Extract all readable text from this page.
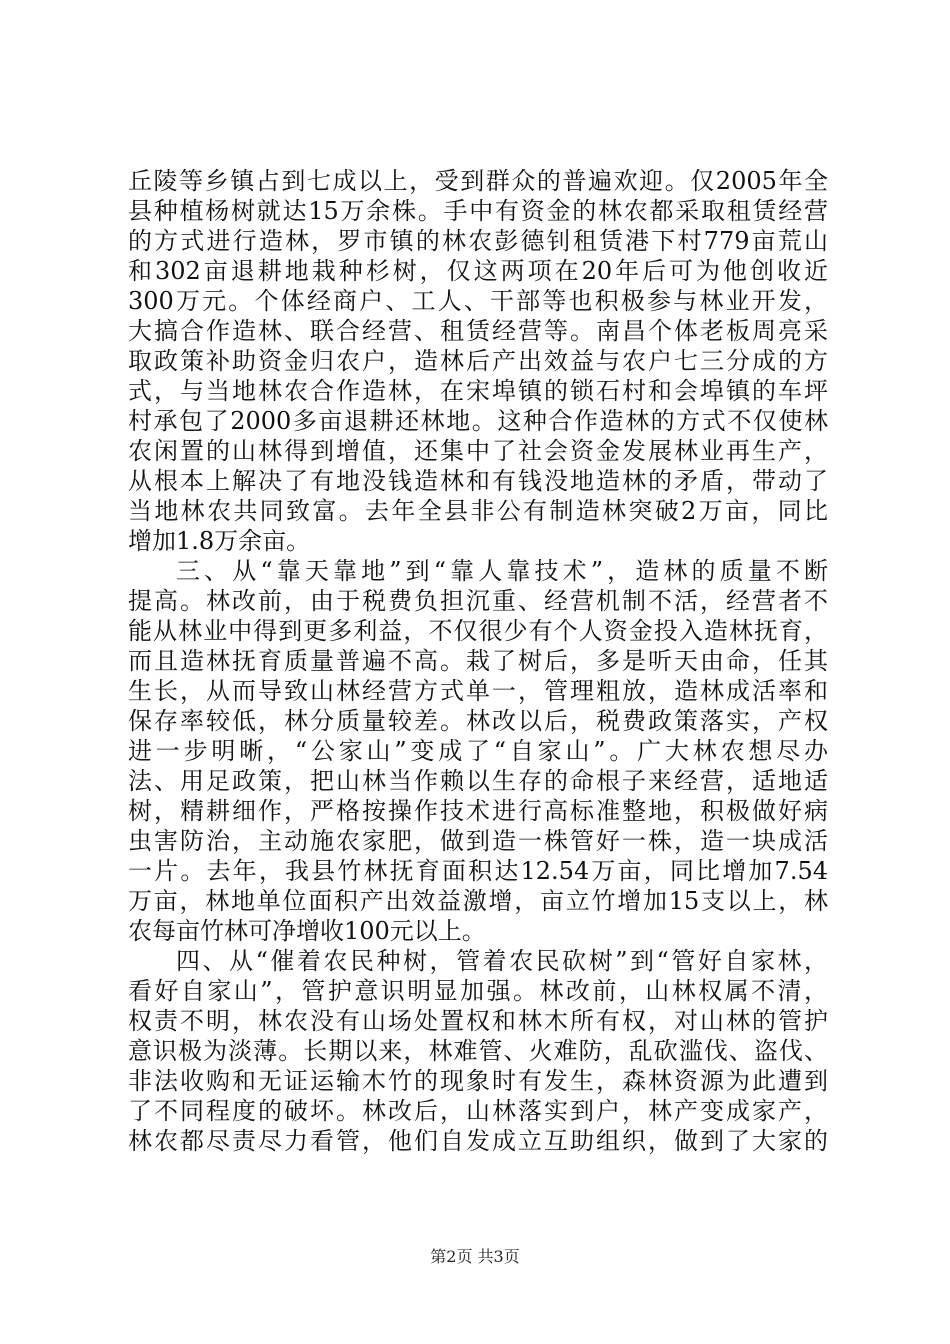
丘陵等乡镇占到七成以上，受到群众的普遍欢迎。仅2005年全
县种植杨树就达15万余株。手中有资金的林农都采取租赁经营
的方式进行造林，罗市镇的林农彭德钊租赁港下村779亩荒山
和302亩退耕地栽种杉树，仅这两项在20年后可为他创收近
300万元。个体经商户、工人、干部等也积极参与林业开发，
大搞合作造林、联合经营、租赁经营等。南昌个体老板周亮采
取政策补助资金归农户，造林后产出效益与农户七三分成的方
式，与当地林农合作造林，在宋埠镇的锁石村和会埠镇的车坪
村承包了2000多亩退耕还林地。这种合作造林的方式不仅使林
农闲置的山林得到增值，还集中了社会资金发展林业再生产，
从根本上解决了有地没钱造林和有钱没地造林的矛盾，带动了
当地林农共同致富。去年全县非公有制造林突破2万亩，同比
增加1.8万余亩。
三、从“靠天靠地”到“靠人靠技术”，造林的质量不断
提高。林改前，由于税费负担沉重、经营机制不活，经营者不
能从林业中得到更多利益，不仅很少有个人资金投入造林抚育，
而且造林抚育质量普遍不高。栽了树后，多是听天由命，任其
生长，从而导致山林经营方式单一，管理粗放，造林成活率和
保存率较低，林分质量较差。林改以后，税费政策落实，产权
进一步明晰，“公家山”变成了“自家山”。广大林农想尽办
法、用足政策，把山林当作赖以生存的命根子来经营，适地适
树，精耕细作，严格按操作技术进行高标准整地，积极做好病
虫害防治，主动施农家肥，做到造一株管好一株，造一块成活
一片。去年，我县竹林抚育面积达12.54万亩，同比增加7.54
万亩，林地单位面积产出效益激增，亩立竹增加15支以上，林
农每亩竹林可净增收100元以上。
四、从“催着农民种树，管着农民砍树”到“管好自家林，
看好自家山”，管护意识明显加强。林改前，山林权属不清，
权责不明，林农没有山场处置权和林木所有权，对山林的管护
意识极为淡薄。长期以来，林难管、火难防，乱砍滥伐、盗伐、
非法收购和无证运输木竹的现象时有发生，森林资源为此遭到
了不同程度的破坏。林改后，山林落实到户，林产变成家产，
林农都尽责尽力看管，他们自发成立互助组织，做到了大家的
第2页 共3页
